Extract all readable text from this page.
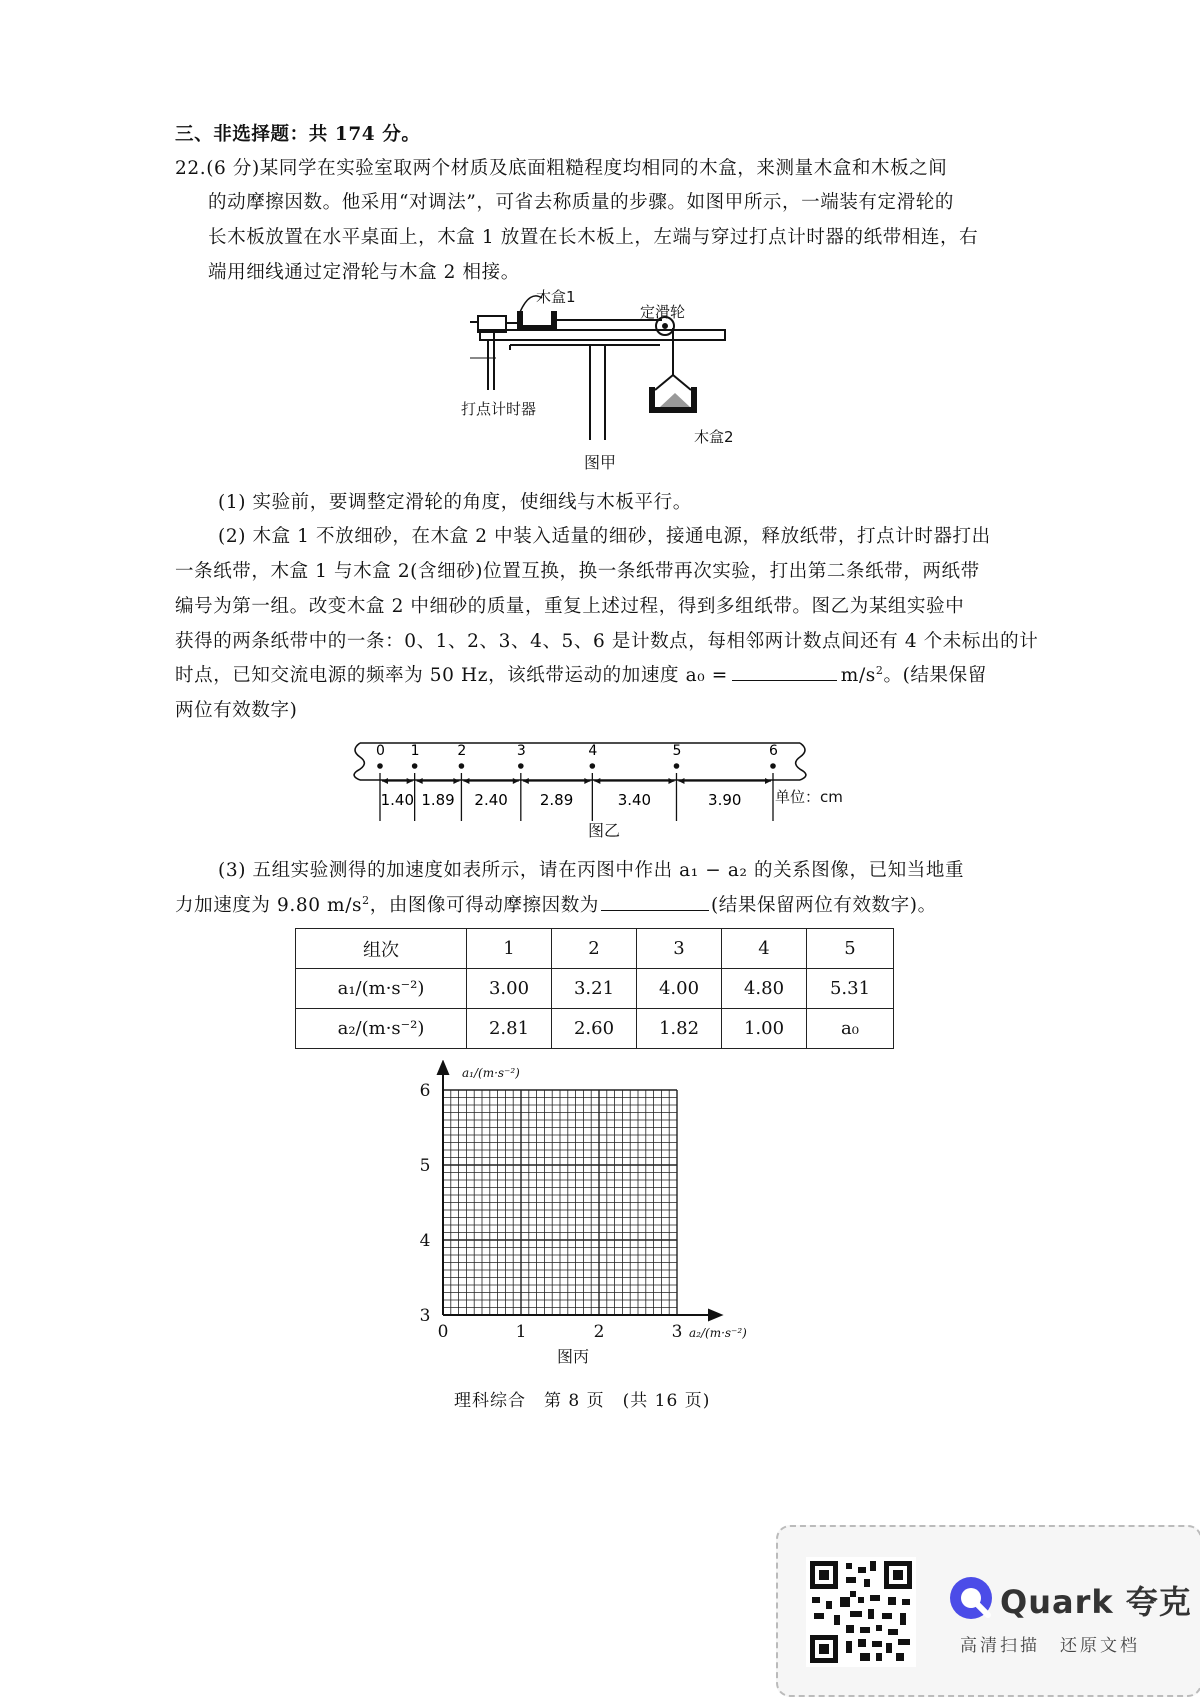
三、非选择题：共 174 分。
22.(6 分)某同学在实验室取两个材质及底面粗糙程度均相同的木盒，来测量木盒和木板之间
的动摩擦因数。他采用“对调法”，可省去称质量的步骤。如图甲所示，一端装有定滑轮的
长木板放置在水平桌面上，木盒 1 放置在长木板上，左端与穿过打点计时器的纸带相连，右
端用细线通过定滑轮与木盒 2 相接。
木盒1
定滑轮
打点计时器
木盒2
图甲
(1) 实验前，要调整定滑轮的角度，使细线与木板平行。
(2) 木盒 1 不放细砂，在木盒 2 中装入适量的细砂，接通电源，释放纸带，打点计时器打出
一条纸带，木盒 1 与木盒 2(含细砂)位置互换，换一条纸带再次实验，打出第二条纸带，两纸带
编号为第一组。改变木盒 2 中细砂的质量，重复上述过程，得到多组纸带。图乙为某组实验中
获得的两条纸带中的一条：0、1、2、3、4、5、6 是计数点，每相邻两计数点间还有 4 个未标出的计
时点，已知交流电源的频率为 50 Hz，该纸带运动的加速度 a₀ =	$m/s^2$。(结果保留
两位有效数字)
0 1	2	3	4	5	6
1.40 1.89 2.40 2.89	3.40	3.90
图乙
单位：cm
(3) 五组实验测得的加速度如表所示，请在丙图中作出 a₁ − a₂ 的关系图像，已知当地重
力加速度为 9.80 $m/s^2$，由图像可得动摩擦因数为	(结果保留两位有效数字)。
组次	1	2	3	4	5
a₁/(m·s⁻²)	3.00	3.21	4.00	4.80	5.31
a₂/(m·s⁻²)	2.81	2.60	1.82	1.00	a₀
6
5
4
3
0	1	2	3
a₁/(m·s⁻²)
a₂/(m·s⁻²)
图丙
理科综合　第 8 页　(共 16 页)
Quark 夸克
高清扫描　还原文档
